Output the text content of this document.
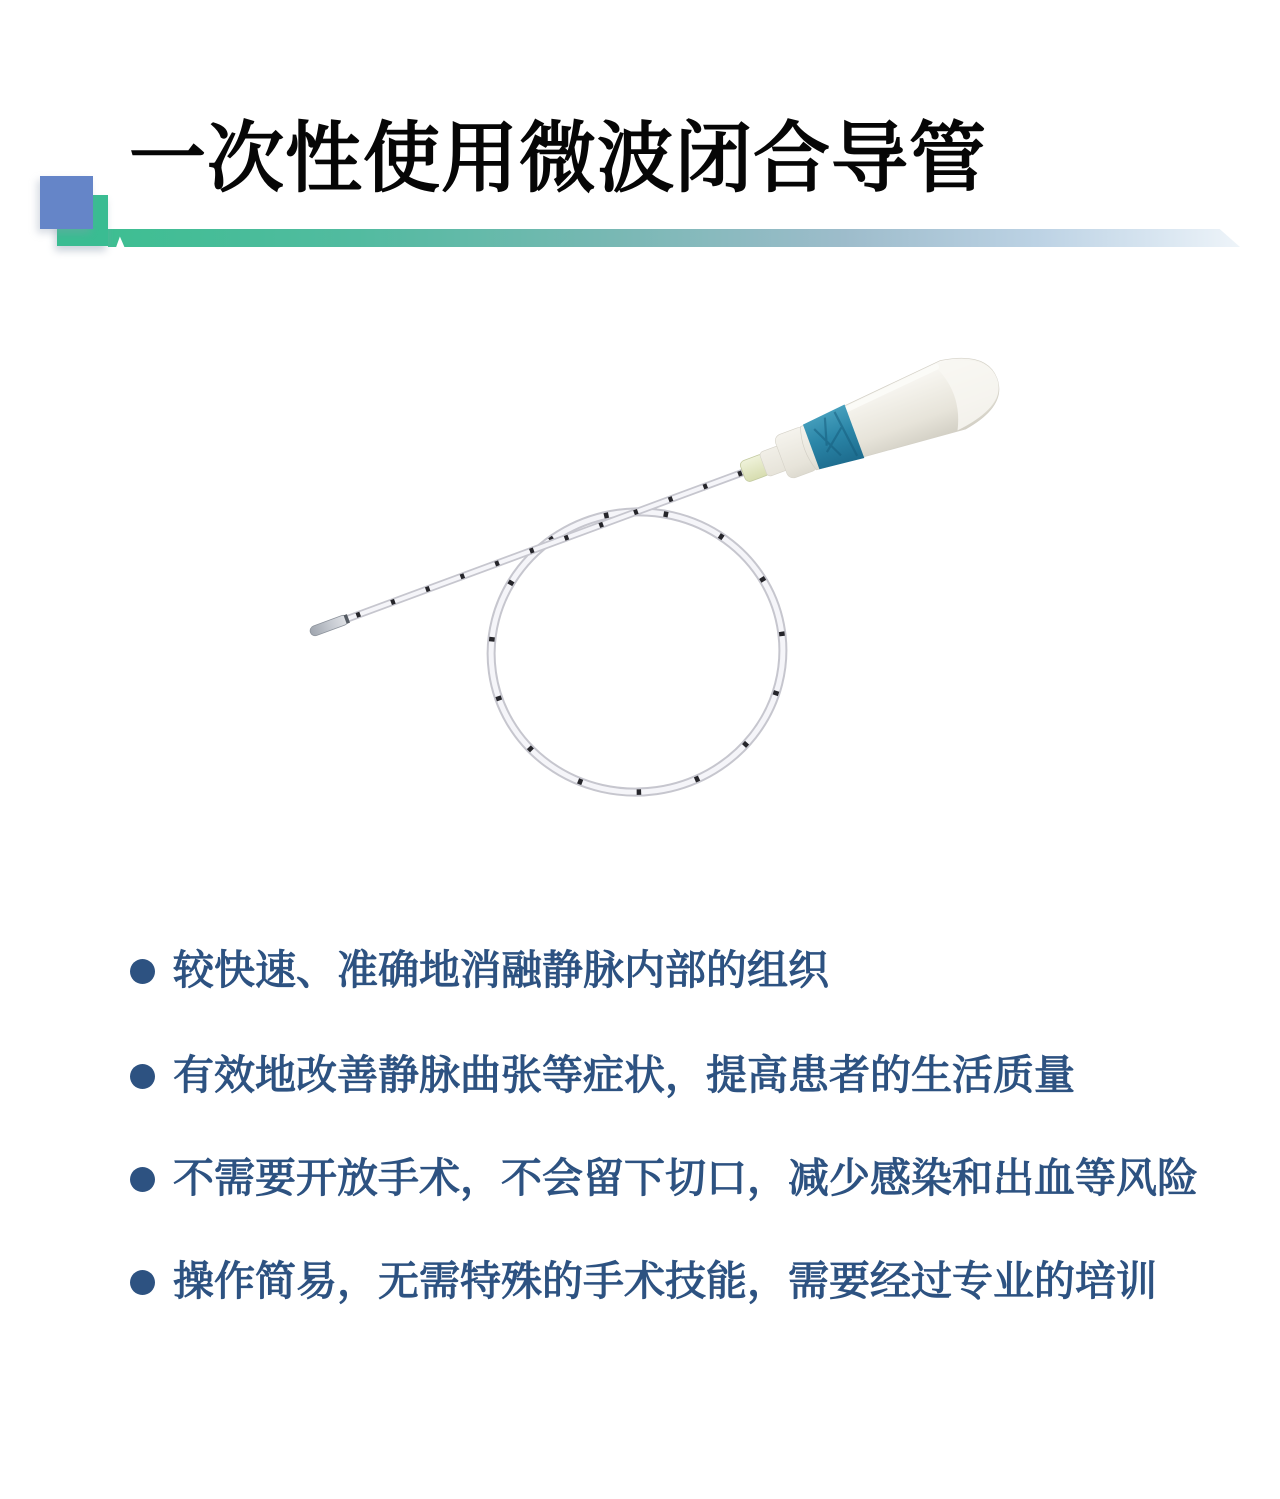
一次性使用微波闭合导管
较快速、准确地消融静脉内部的组织
有效地改善静脉曲张等症状，提高患者的生活质量
不需要开放手术，不会留下切口，减少感染和出血等风险
操作简易，无需特殊的手术技能，需要经过专业的培训
